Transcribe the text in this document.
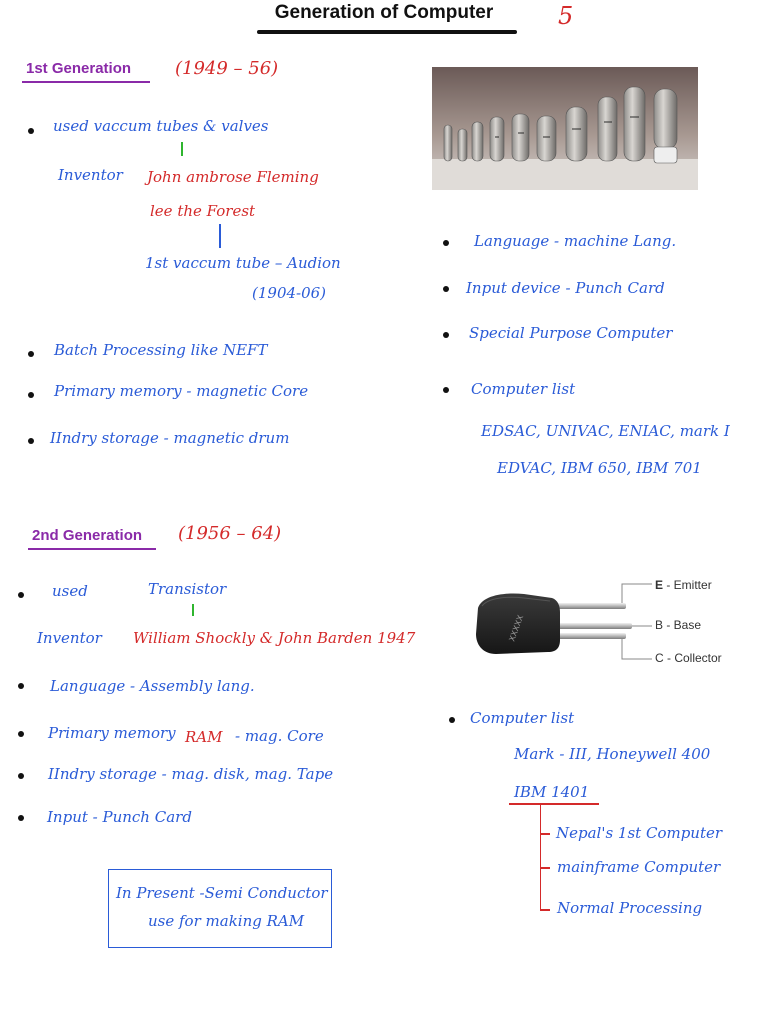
Generation of Computer	5
1st Generation (1949 – 56)
used vaccum tubes & valves
Inventor John ambrose Fleming
lee the Forest
1st vaccum tube – Audion
(1904-06)
Batch Processing like NEFT
Primary memory - magnetic Core
IIndry storage - magnetic drum
Language - machine Lang.
Input device - Punch Card
Special Purpose Computer
Computer list
EDSAC, UNIVAC, ENIAC, mark I
EDVAC, IBM 650, IBM 701
2nd Generation (1956 – 64)
used	Transistor
Inventor William Shockly & John Barden 1947
Language - Assembly lang.
Primary memory RAM - mag. Core
IIndry storage - mag. disk, mag. Tape
Input - Punch Card
In Present -Semi Conductor
use for making RAM
XXXXX
E - Emitter
B - Base
C - Collector
Computer list
Mark - III, Honeywell 400
IBM 1401
Nepal's 1st Computer
mainframe Computer
Normal Processing
